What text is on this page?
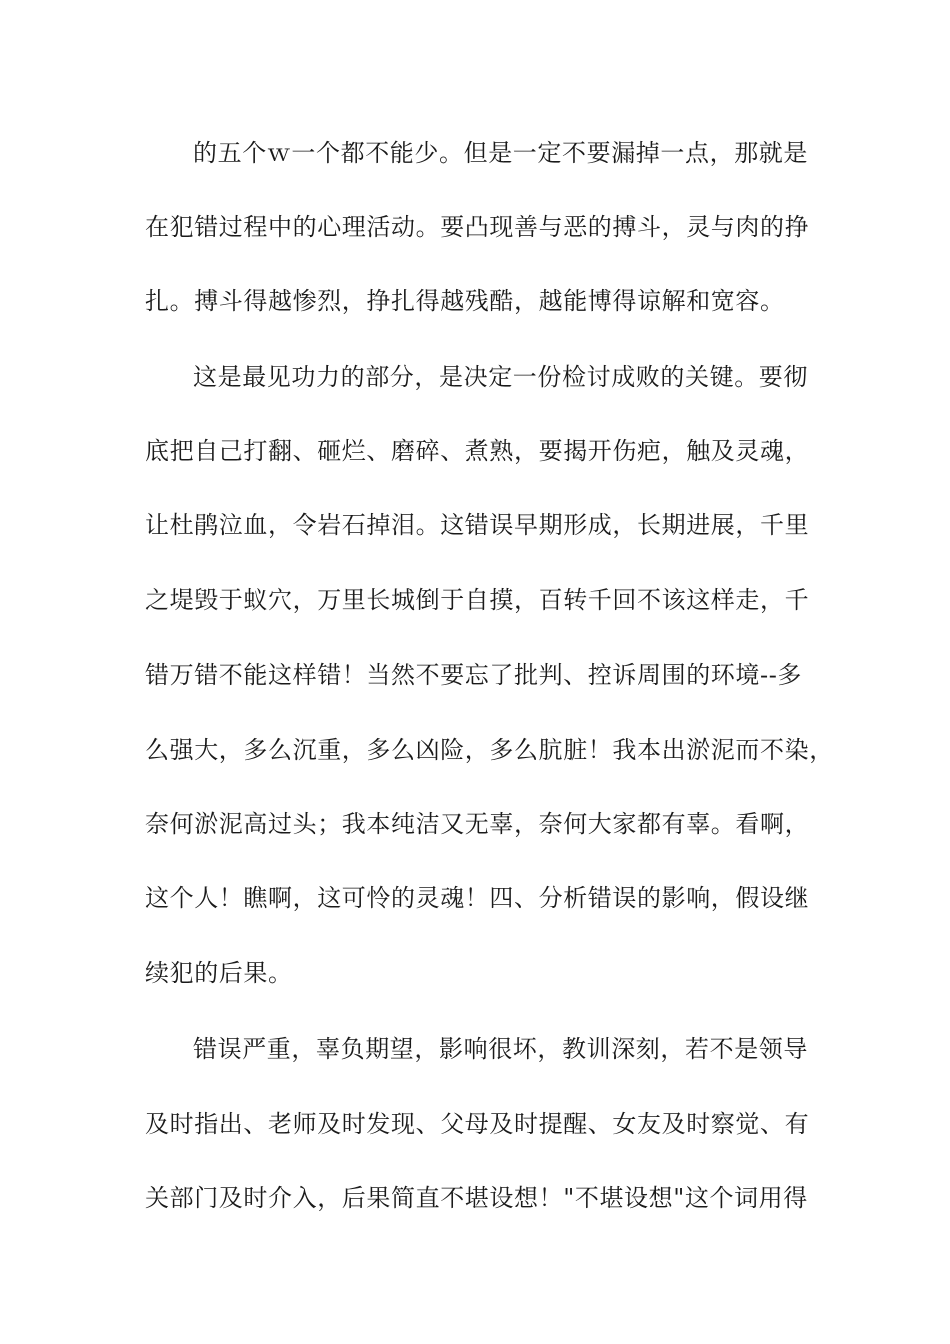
的五个ｗ一个都不能少。但是一定不要漏掉一点，那就是
在犯错过程中的心理活动。要凸现善与恶的搏斗，灵与肉的挣
扎。搏斗得越惨烈，挣扎得越残酷，越能博得谅解和宽容。
这是最见功力的部分，是决定一份检讨成败的关键。要彻
底把自己打翻、砸烂、磨碎、煮熟，要揭开伤疤，触及灵魂，
让杜鹃泣血，令岩石掉泪。这错误早期形成，长期进展，千里
之堤毁于蚁穴，万里长城倒于自摸，百转千回不该这样走，千
错万错不能这样错！当然不要忘了批判、控诉周围的环境--多
么强大，多么沉重，多么凶险，多么肮脏！我本出淤泥而不染，
奈何淤泥高过头；我本纯洁又无辜，奈何大家都有辜。看啊，
这个人！瞧啊，这可怜的灵魂！四、分析错误的影响，假设继
续犯的后果。
错误严重，辜负期望，影响很坏，教训深刻，若不是领导
及时指出、老师及时发现、父母及时提醒、女友及时察觉、有
关部门及时介入，后果简直不堪设想！"不堪设想"这个词用得
